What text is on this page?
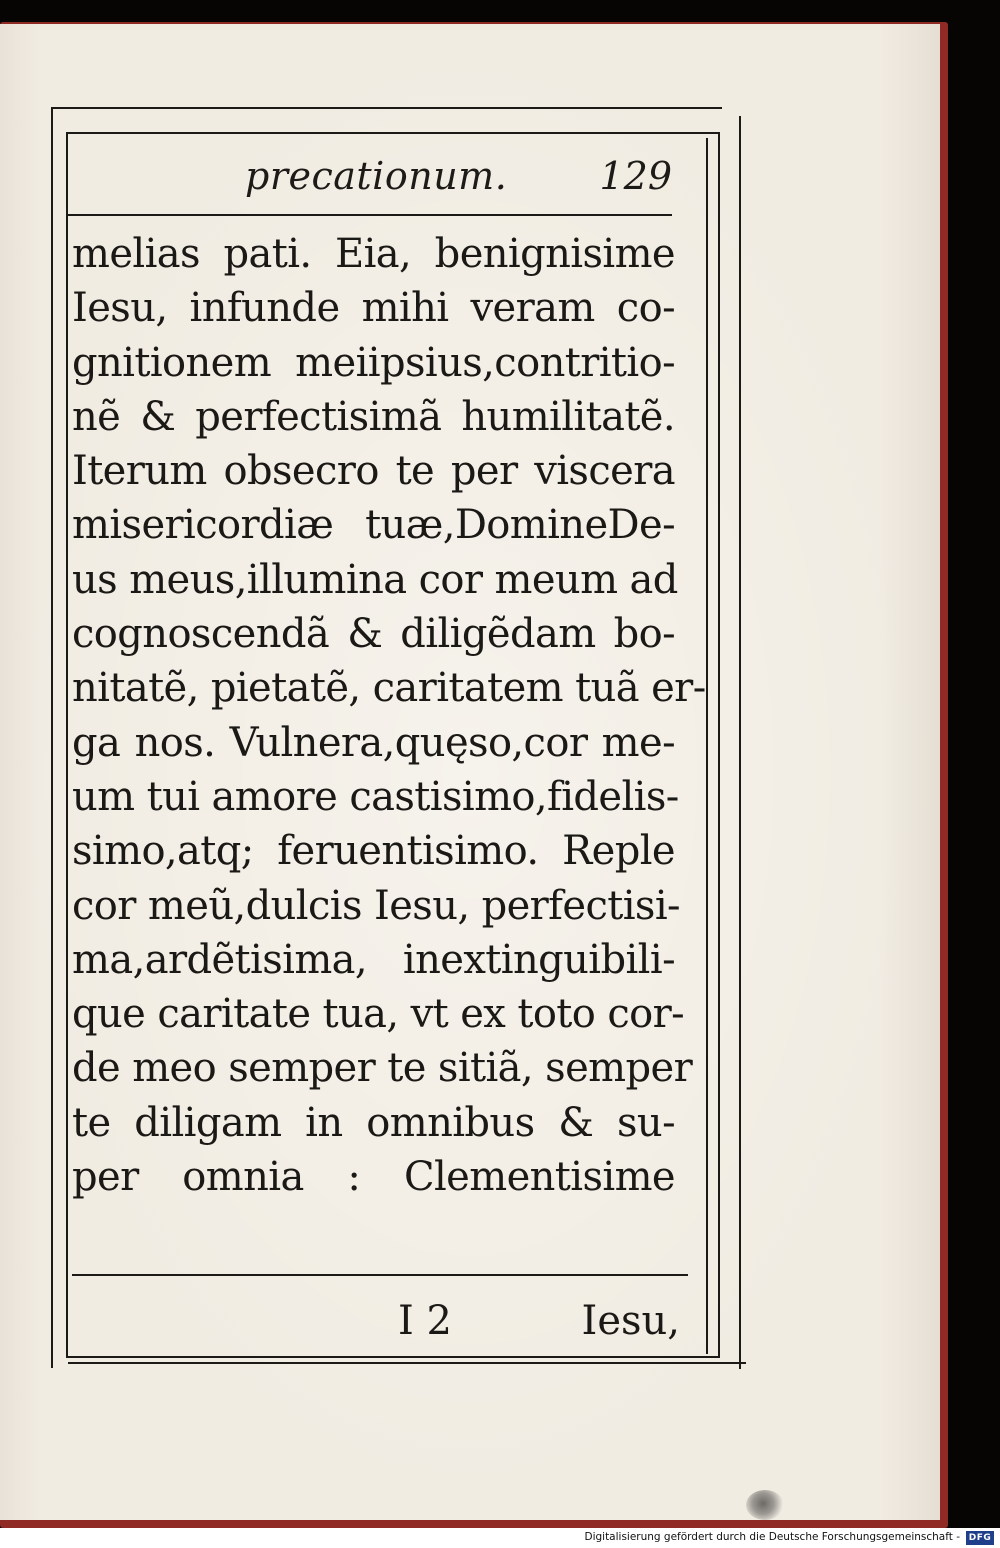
precationum. 129
melias pati. Eia, benignisime
Iesu, infunde mihi veram co-
gnitionem meiipsius,contritio-
nẽ & perfectisimã humilitatẽ.
Iterum obsecro te per viscera
misericordiæ tuæ,DomineDe-
us meus,illumina cor meum ad
cognoscendã & diligẽdam bo-
nitatẽ, pietatẽ, caritatem tuã er-
ga nos. Vulnera,quęso,cor me-
um tui amore castisimo,fidelis-
simo,atq; feruentisimo. Reple
cor meũ,dulcis Iesu, perfectisi-
ma,ardẽtisima, inextinguibili-
que caritate tua, vt ex toto cor-
de meo semper te sitiã, semper
te diligam in omnibus & su-
per omnia : Clementisime
I 2	Iesu,
Digitalisierung gefördert durch die Deutsche Forschungsgemeinschaft - DFG
